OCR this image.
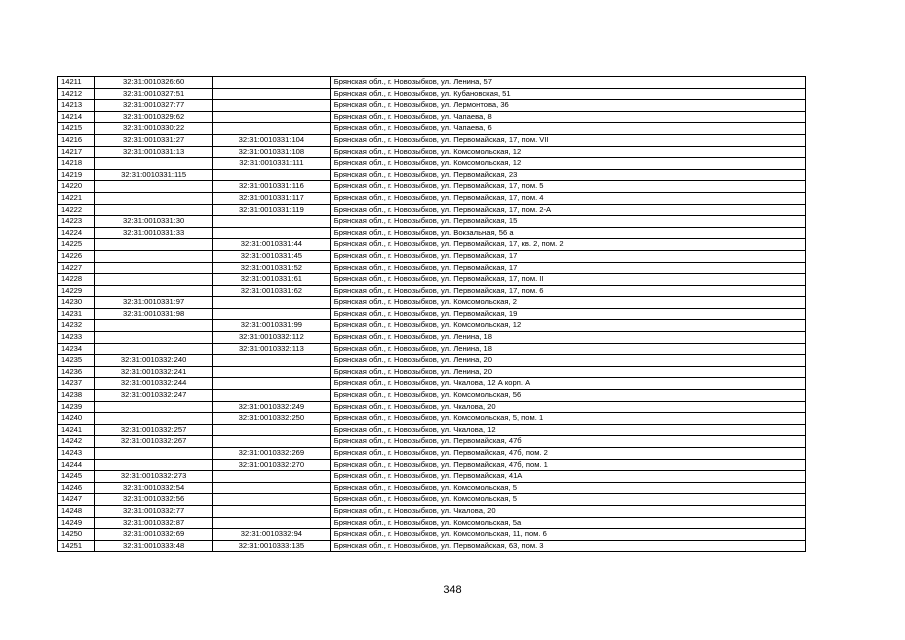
14211	32:31:0010326:60		Брянская обл., г. Новозыбков, ул. Ленина, 57
14212	32:31:0010327:51		Брянская обл., г. Новозыбков, ул. Кубановская, 51
14213	32:31:0010327:77		Брянская обл., г. Новозыбков, ул. Лермонтова, 36
14214	32:31:0010329:62		Брянская обл., г. Новозыбков, ул. Чапаева, 8
14215	32:31:0010330:22		Брянская обл., г. Новозыбков, ул. Чапаева, 6
14216	32:31:0010331:27	32:31:0010331:104	Брянская обл., г. Новозыбков, ул. Первомайская, 17, пом. VII
14217	32:31:0010331:13	32:31:0010331:108	Брянская обл., г. Новозыбков, ул. Комсомольская, 12
14218		32:31:0010331:111	Брянская обл., г. Новозыбков, ул. Комсомольская, 12
14219	32:31:0010331:115		Брянская обл., г. Новозыбков, ул. Первомайская, 23
14220		32:31:0010331:116	Брянская обл., г. Новозыбков, ул. Первомайская, 17, пом. 5
14221		32:31:0010331:117	Брянская обл., г. Новозыбков, ул. Первомайская, 17, пом. 4
14222		32:31:0010331:119	Брянская обл., г. Новозыбков, ул. Первомайская, 17, пом. 2-А
14223	32:31:0010331:30		Брянская обл., г. Новозыбков, ул. Первомайская, 15
14224	32:31:0010331:33		Брянская обл., г. Новозыбков, ул. Вокзальная, 56 а
14225		32:31:0010331:44	Брянская обл., г. Новозыбков, ул. Первомайская, 17, кв. 2, пом. 2
14226		32:31:0010331:45	Брянская обл., г. Новозыбков, ул. Первомайская, 17
14227		32:31:0010331:52	Брянская обл., г. Новозыбков, ул. Первомайская, 17
14228		32:31:0010331:61	Брянская обл., г. Новозыбков, ул. Первомайская, 17, пом. II
14229		32:31:0010331:62	Брянская обл., г. Новозыбков, ул. Первомайская, 17, пом. 6
14230	32:31:0010331:97		Брянская обл., г. Новозыбков, ул. Комсомольская, 2
14231	32:31:0010331:98		Брянская обл., г. Новозыбков, ул. Первомайская, 19
14232		32:31:0010331:99	Брянская обл., г. Новозыбков, ул. Комсомольская, 12
14233		32:31:0010332:112	Брянская обл., г. Новозыбков, ул. Ленина, 18
14234		32:31:0010332:113	Брянская обл., г. Новозыбков, ул. Ленина, 18
14235	32:31:0010332:240		Брянская обл., г. Новозыбков, ул. Ленина, 20
14236	32:31:0010332:241		Брянская обл., г. Новозыбков, ул. Ленина, 20
14237	32:31:0010332:244		Брянская обл., г. Новозыбков, ул. Чкалова, 12 А корп. А
14238	32:31:0010332:247		Брянская обл., г. Новозыбков, ул. Комсомольская, 56
14239		32:31:0010332:249	Брянская обл., г. Новозыбков, ул. Чкалова, 20
14240		32:31:0010332:250	Брянская обл., г. Новозыбков, ул. Комсомольская, 5, пом. 1
14241	32:31:0010332:257		Брянская обл., г. Новозыбков, ул. Чкалова, 12
14242	32:31:0010332:267		Брянская обл., г. Новозыбков, ул. Первомайская, 47б
14243		32:31:0010332:269	Брянская обл., г. Новозыбков, ул. Первомайская, 47б, пом. 2
14244		32:31:0010332:270	Брянская обл., г. Новозыбков, ул. Первомайская, 47б, пом. 1
14245	32:31:0010332:273		Брянская обл., г. Новозыбков, ул. Первомайская, 41А
14246	32:31:0010332:54		Брянская обл., г. Новозыбков, ул. Комсомольская, 5
14247	32:31:0010332:56		Брянская обл., г. Новозыбков, ул. Комсомольская, 5
14248	32:31:0010332:77		Брянская обл., г. Новозыбков, ул. Чкалова, 20
14249	32:31:0010332:87		Брянская обл., г. Новозыбков, ул. Комсомольская, 5а
14250	32:31:0010332:69	32:31:0010332:94	Брянская обл., г. Новозыбков, ул. Комсомольская, 11, пом. 6
14251	32:31:0010333:48	32:31:0010333:135	Брянская обл., г. Новозыбков, ул. Первомайская, 63, пом. 3
348
